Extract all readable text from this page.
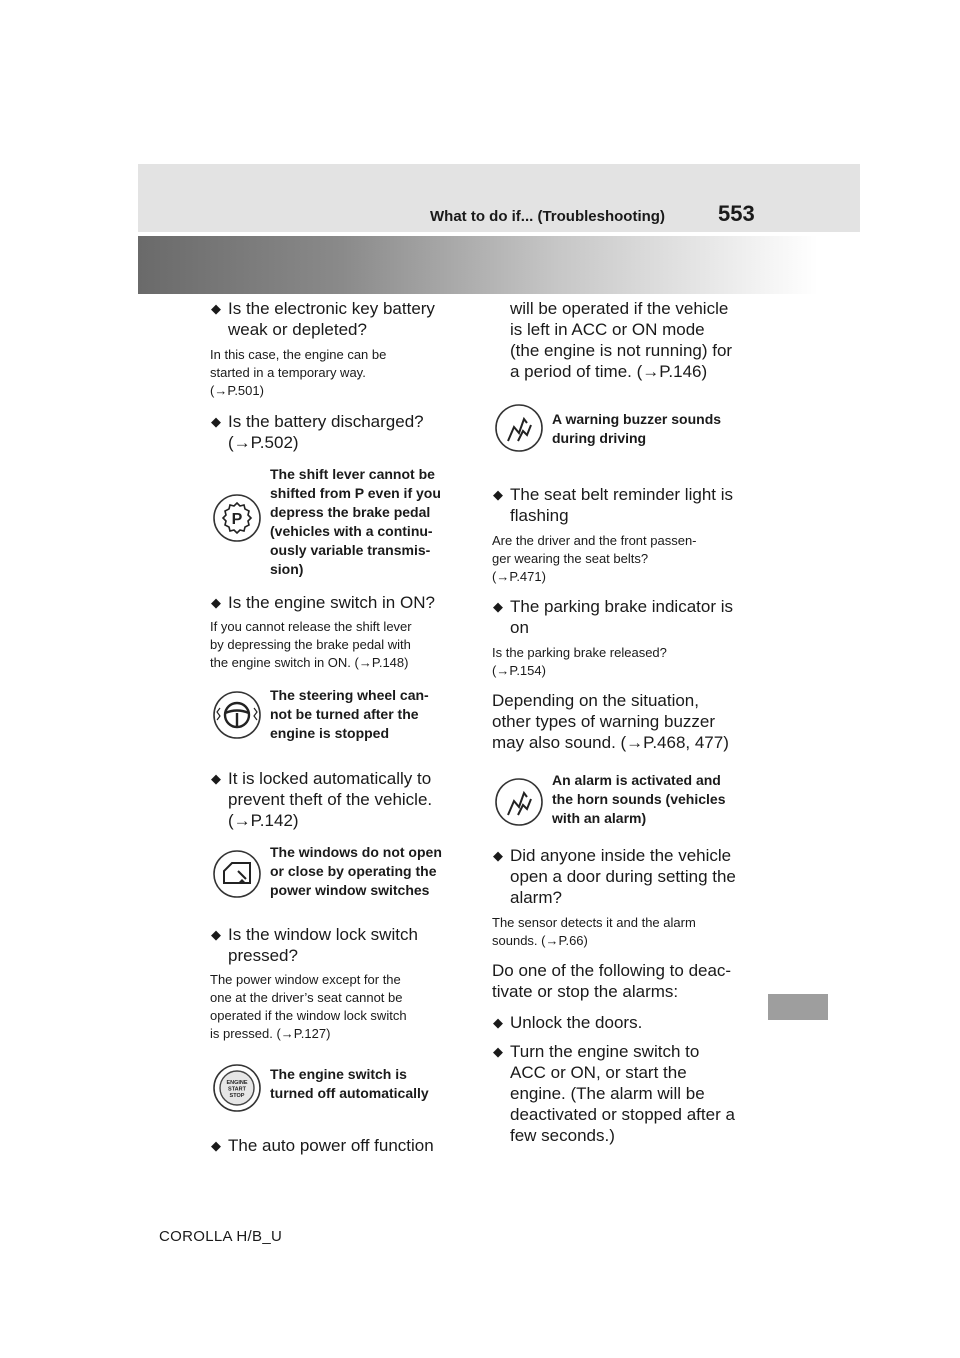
What to do if... (Troubleshooting) 553
◆ Is the electronic key battery weak or depleted?
In this case, the engine can be
started in a temporary way.
(→P.501)
◆ Is the battery discharged?
(→P.502)
P
The shift lever cannot be
shifted from P even if you
depress the brake pedal
(vehicles with a continu-
ously variable transmis-
sion)
◆ Is the engine switch in ON?
If you cannot release the shift lever
by depressing the brake pedal with
the engine switch in ON. (→P.148)
The steering wheel can-
not be turned after the
engine is stopped
◆ It is locked automatically to
prevent theft of the vehicle.
(→P.142)
The windows do not open
or close by operating the
power window switches
◆ Is the window lock switch
pressed?
The power window except for the
one at the driver’s seat cannot be
operated if the window lock switch
is pressed. (→P.127)
ENGINE
START
STOP
The engine switch is
turned off automatically
◆ The auto power off function
will be operated if the vehicle
is left in ACC or ON mode
(the engine is not running) for
a period of time. (→P.146)
A warning buzzer sounds
during driving
◆ The seat belt reminder light is
flashing
Are the driver and the front passen-
ger wearing the seat belts?
(→P.471)
◆ The parking brake indicator is
on
Is the parking brake released?
(→P.154)
Depending on the situation,
other types of warning buzzer
may also sound. (→P.468, 477)
An alarm is activated and
the horn sounds (vehicles
with an alarm)
◆ Did anyone inside the vehicle
open a door during setting the
alarm?
The sensor detects it and the alarm
sounds. (→P.66)
Do one of the following to deac-
tivate or stop the alarms:
◆ Unlock the doors.
◆ Turn the engine switch to
ACC or ON, or start the
engine. (The alarm will be
deactivated or stopped after a
few seconds.)
COROLLA H/B_U
